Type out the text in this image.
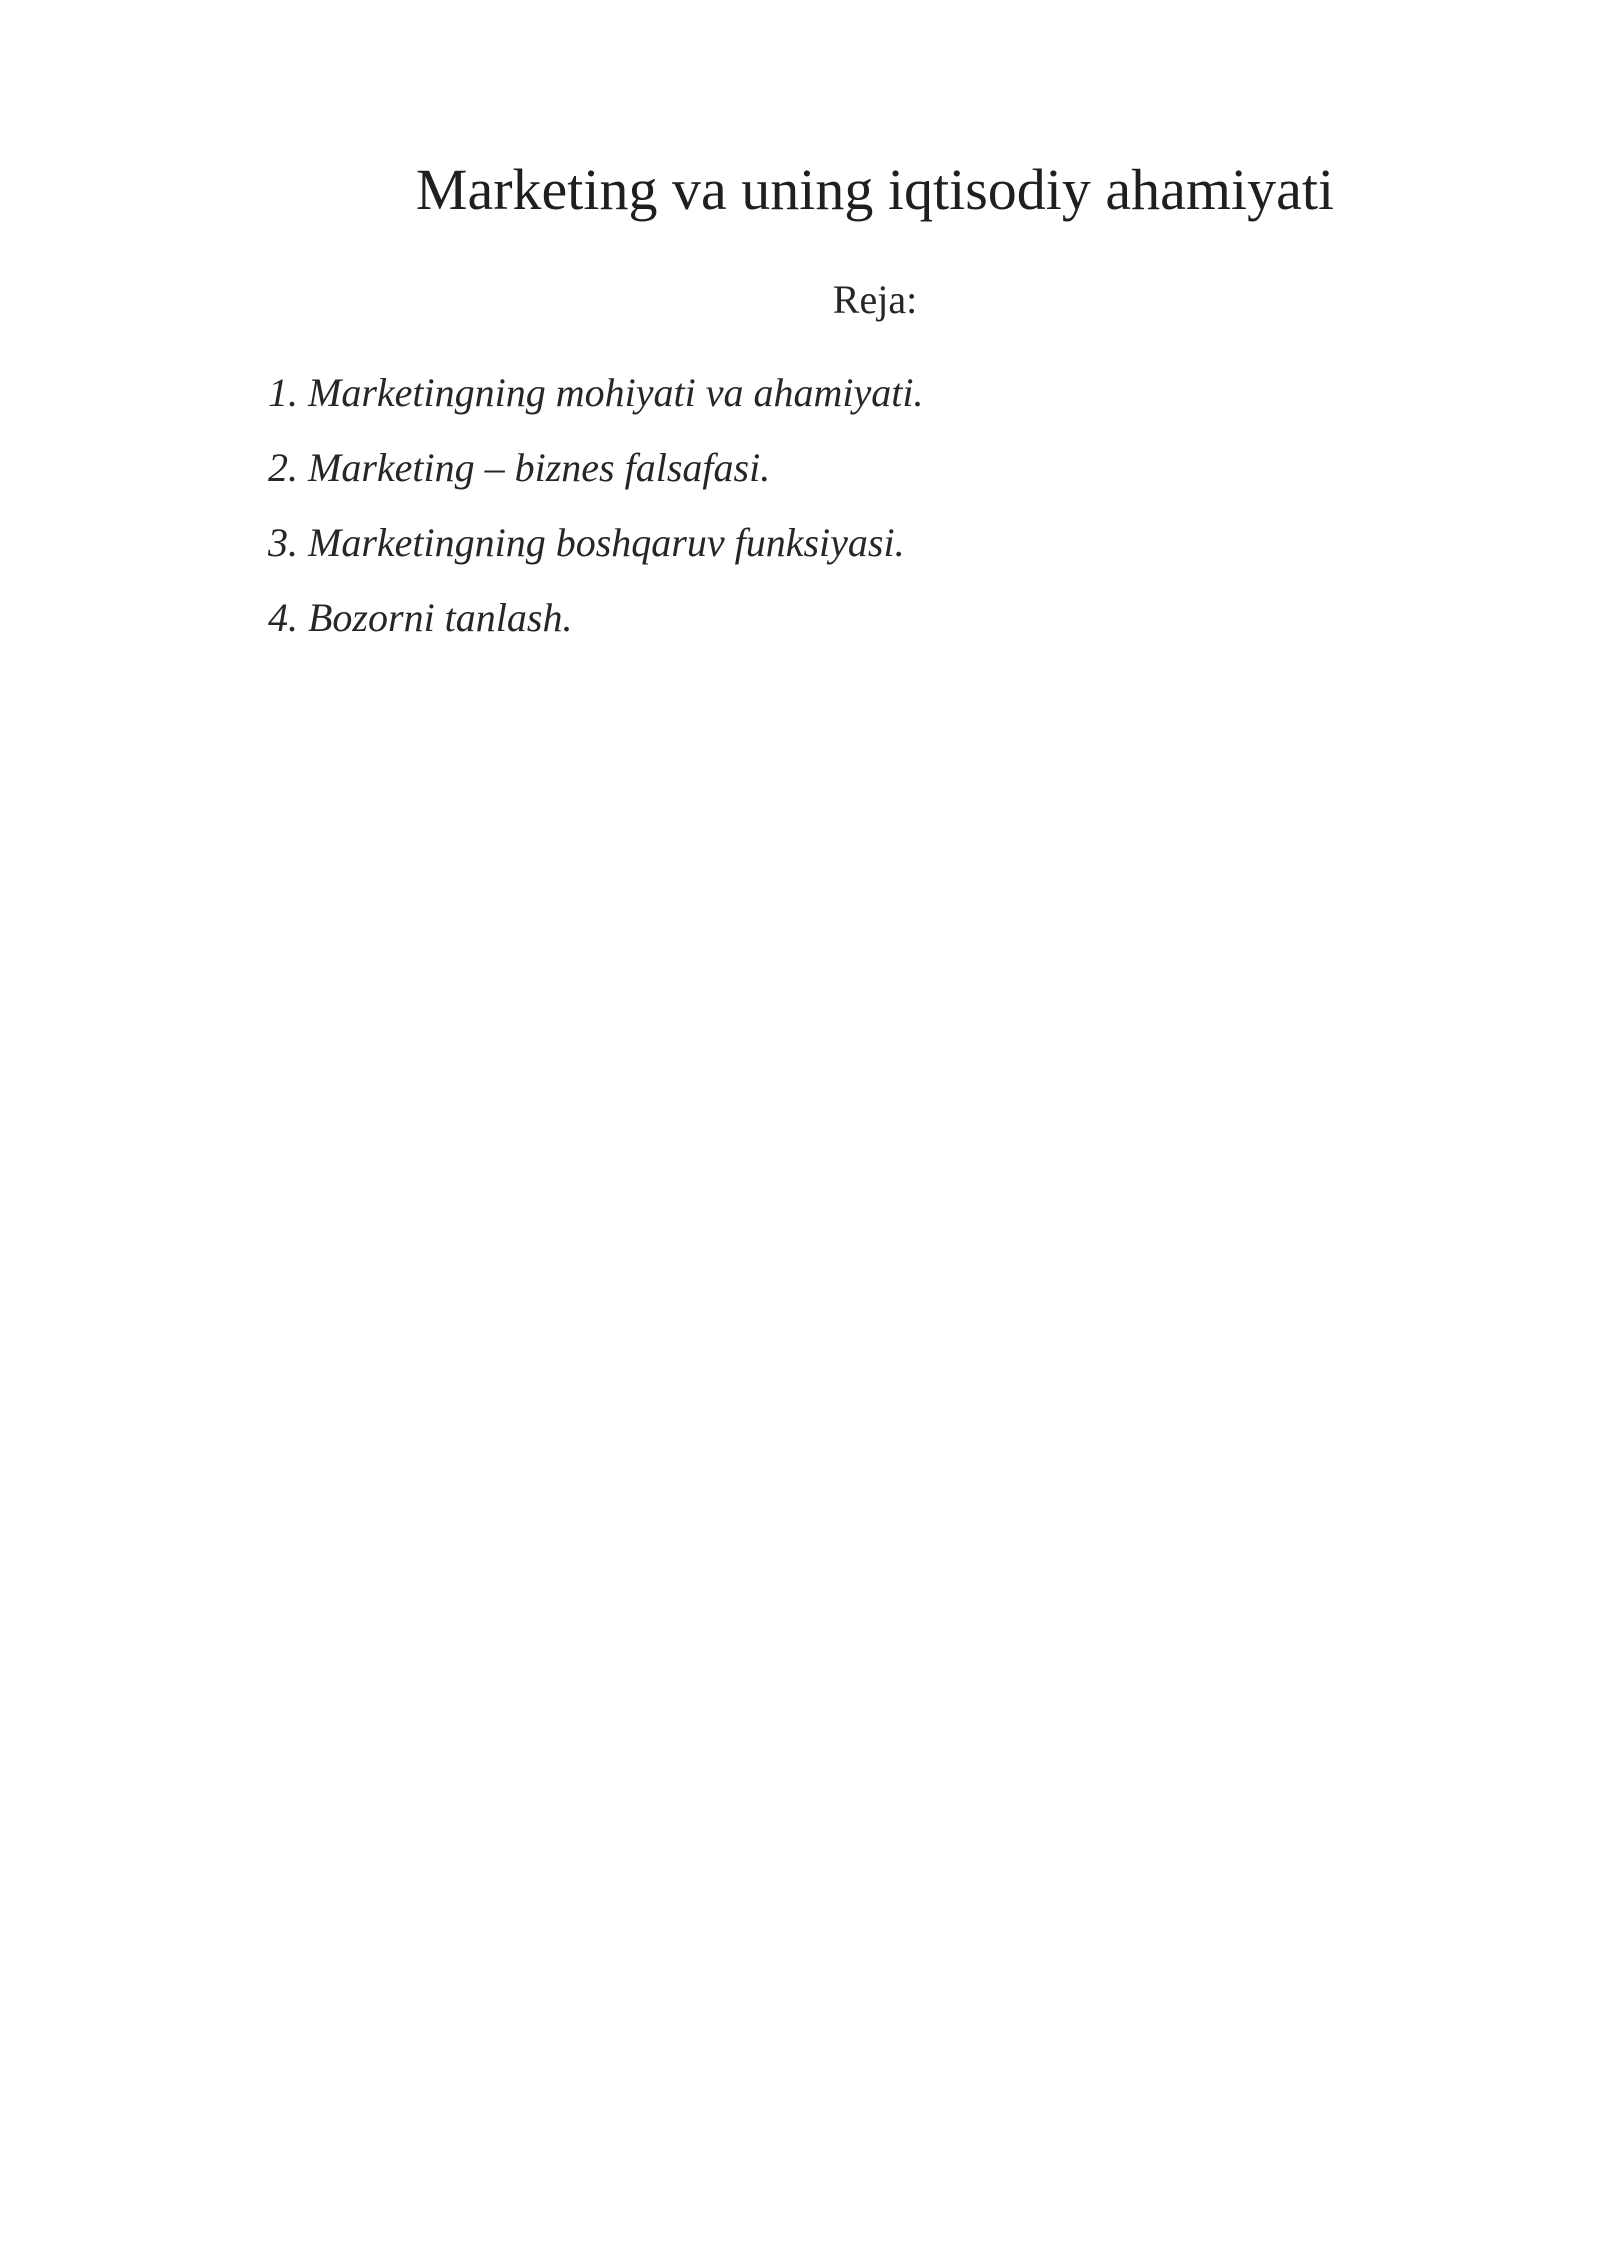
Marketing va uning iqtisodiy ahamiyati

Reja:

1. Marketingning mohiyati va ahamiyati.
2. Marketing – biznes falsafasi.
3. Marketingning boshqaruv funksiyasi.
4. Bozorni tanlash.
